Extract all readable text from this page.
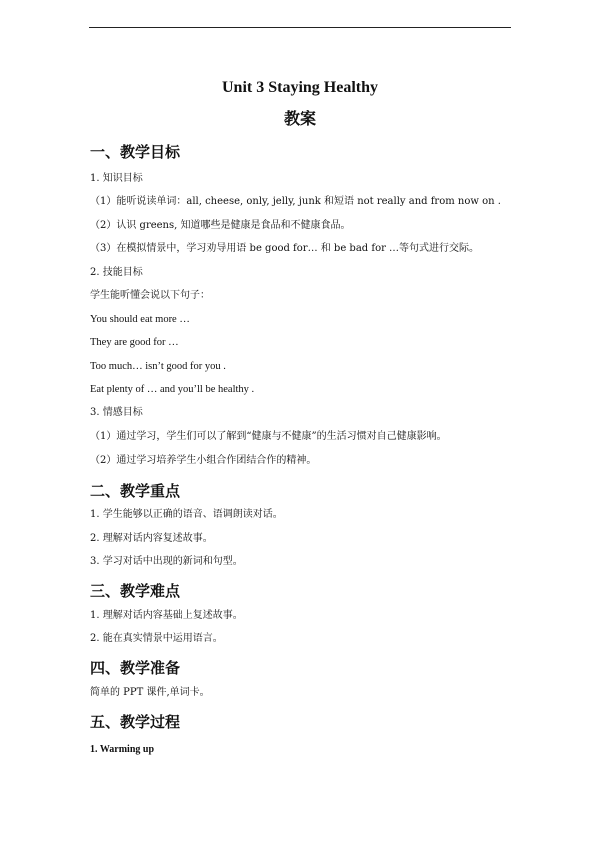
Unit 3 Staying Healthy
教案
一、教学目标

1. 知识目标

（1）能听说读单词：all, cheese, only, jelly, junk 和短语 not really and from now on .

（2）认识 greens, 知道哪些是健康是食品和不健康食品。

（3）在模拟情景中，学习劝导用语 be good for… 和 be bad for …等句式进行交际。

2. 技能目标

学生能听懂会说以下句子：

You should eat more …

They are good for …

Too much… isn’t good for you .

Eat plenty of … and you’ll be healthy .

3. 情感目标

（1）通过学习，学生们可以了解到“健康与不健康”的生活习惯对自己健康影响。

（2）通过学习培养学生小组合作团结合作的精神。

二、教学重点

1. 学生能够以正确的语音、语调朗读对话。

2. 理解对话内容复述故事。

3. 学习对话中出现的新词和句型。

三、教学难点

1. 理解对话内容基础上复述故事。

2. 能在真实情景中运用语言。

四、教学准备

简单的 PPT 课件,单词卡。

五、教学过程

1. Warming up
